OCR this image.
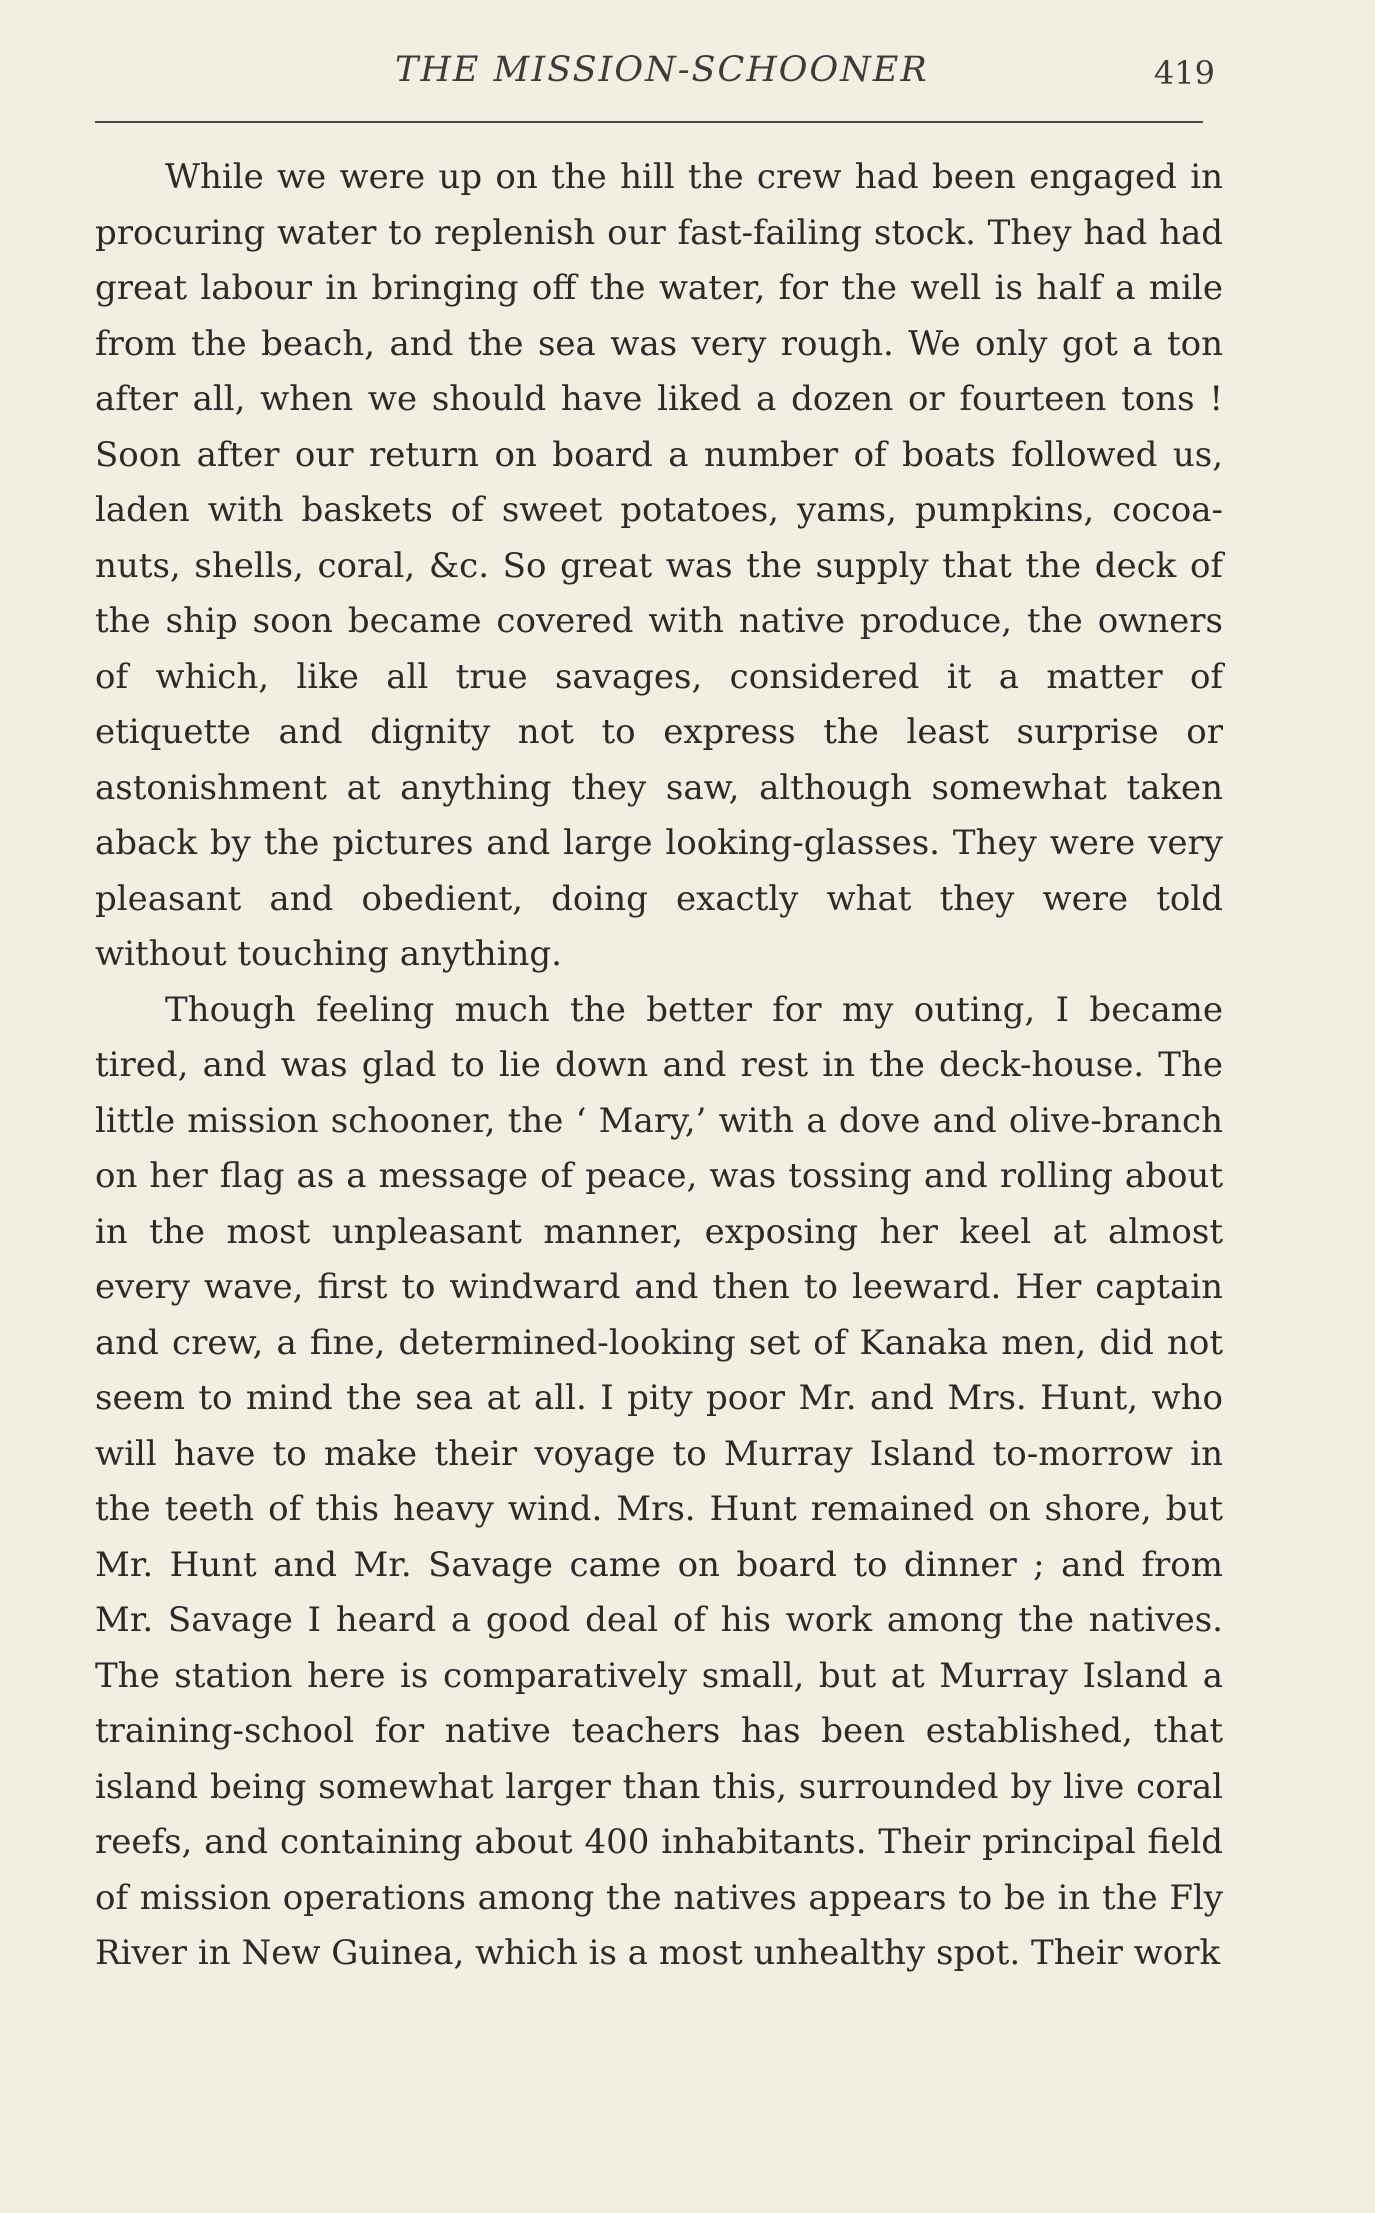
THE MISSION-SCHOONER	419

While we were up on the hill the crew had been engaged in procuring water to replenish our fast-failing stock. They had had great labour in bringing off the water, for the well is half a mile from the beach, and the sea was very rough. We only got a ton after all, when we should have liked a dozen or fourteen tons ! Soon after our return on board a number of boats followed us, laden with baskets of sweet potatoes, yams, pumpkins, cocoa-nuts, shells, coral, &c. So great was the supply that the deck of the ship soon became covered with native produce, the owners of which, like all true savages, considered it a matter of etiquette and dignity not to express the least surprise or astonishment at anything they saw, although somewhat taken aback by the pictures and large looking-glasses. They were very pleasant and obedient, doing exactly what they were told without touching anything.

Though feeling much the better for my outing, I became tired, and was glad to lie down and rest in the deck-house. The little mission schooner, the ‘ Mary,’ with a dove and olive-branch on her flag as a message of peace, was tossing and rolling about in the most unpleasant manner, exposing her keel at almost every wave, first to windward and then to leeward. Her captain and crew, a fine, determined-looking set of Kanaka men, did not seem to mind the sea at all. I pity poor Mr. and Mrs. Hunt, who will have to make their voyage to Murray Island to-morrow in the teeth of this heavy wind. Mrs. Hunt remained on shore, but Mr. Hunt and Mr. Savage came on board to dinner ; and from Mr. Savage I heard a good deal of his work among the natives. The station here is comparatively small, but at Murray Island a training-school for native teachers has been established, that island being somewhat larger than this, surrounded by live coral reefs, and containing about 400 inhabitants. Their principal field of mission operations among the natives appears to be in the Fly River in New Guinea, which is a most unhealthy spot. Their work
